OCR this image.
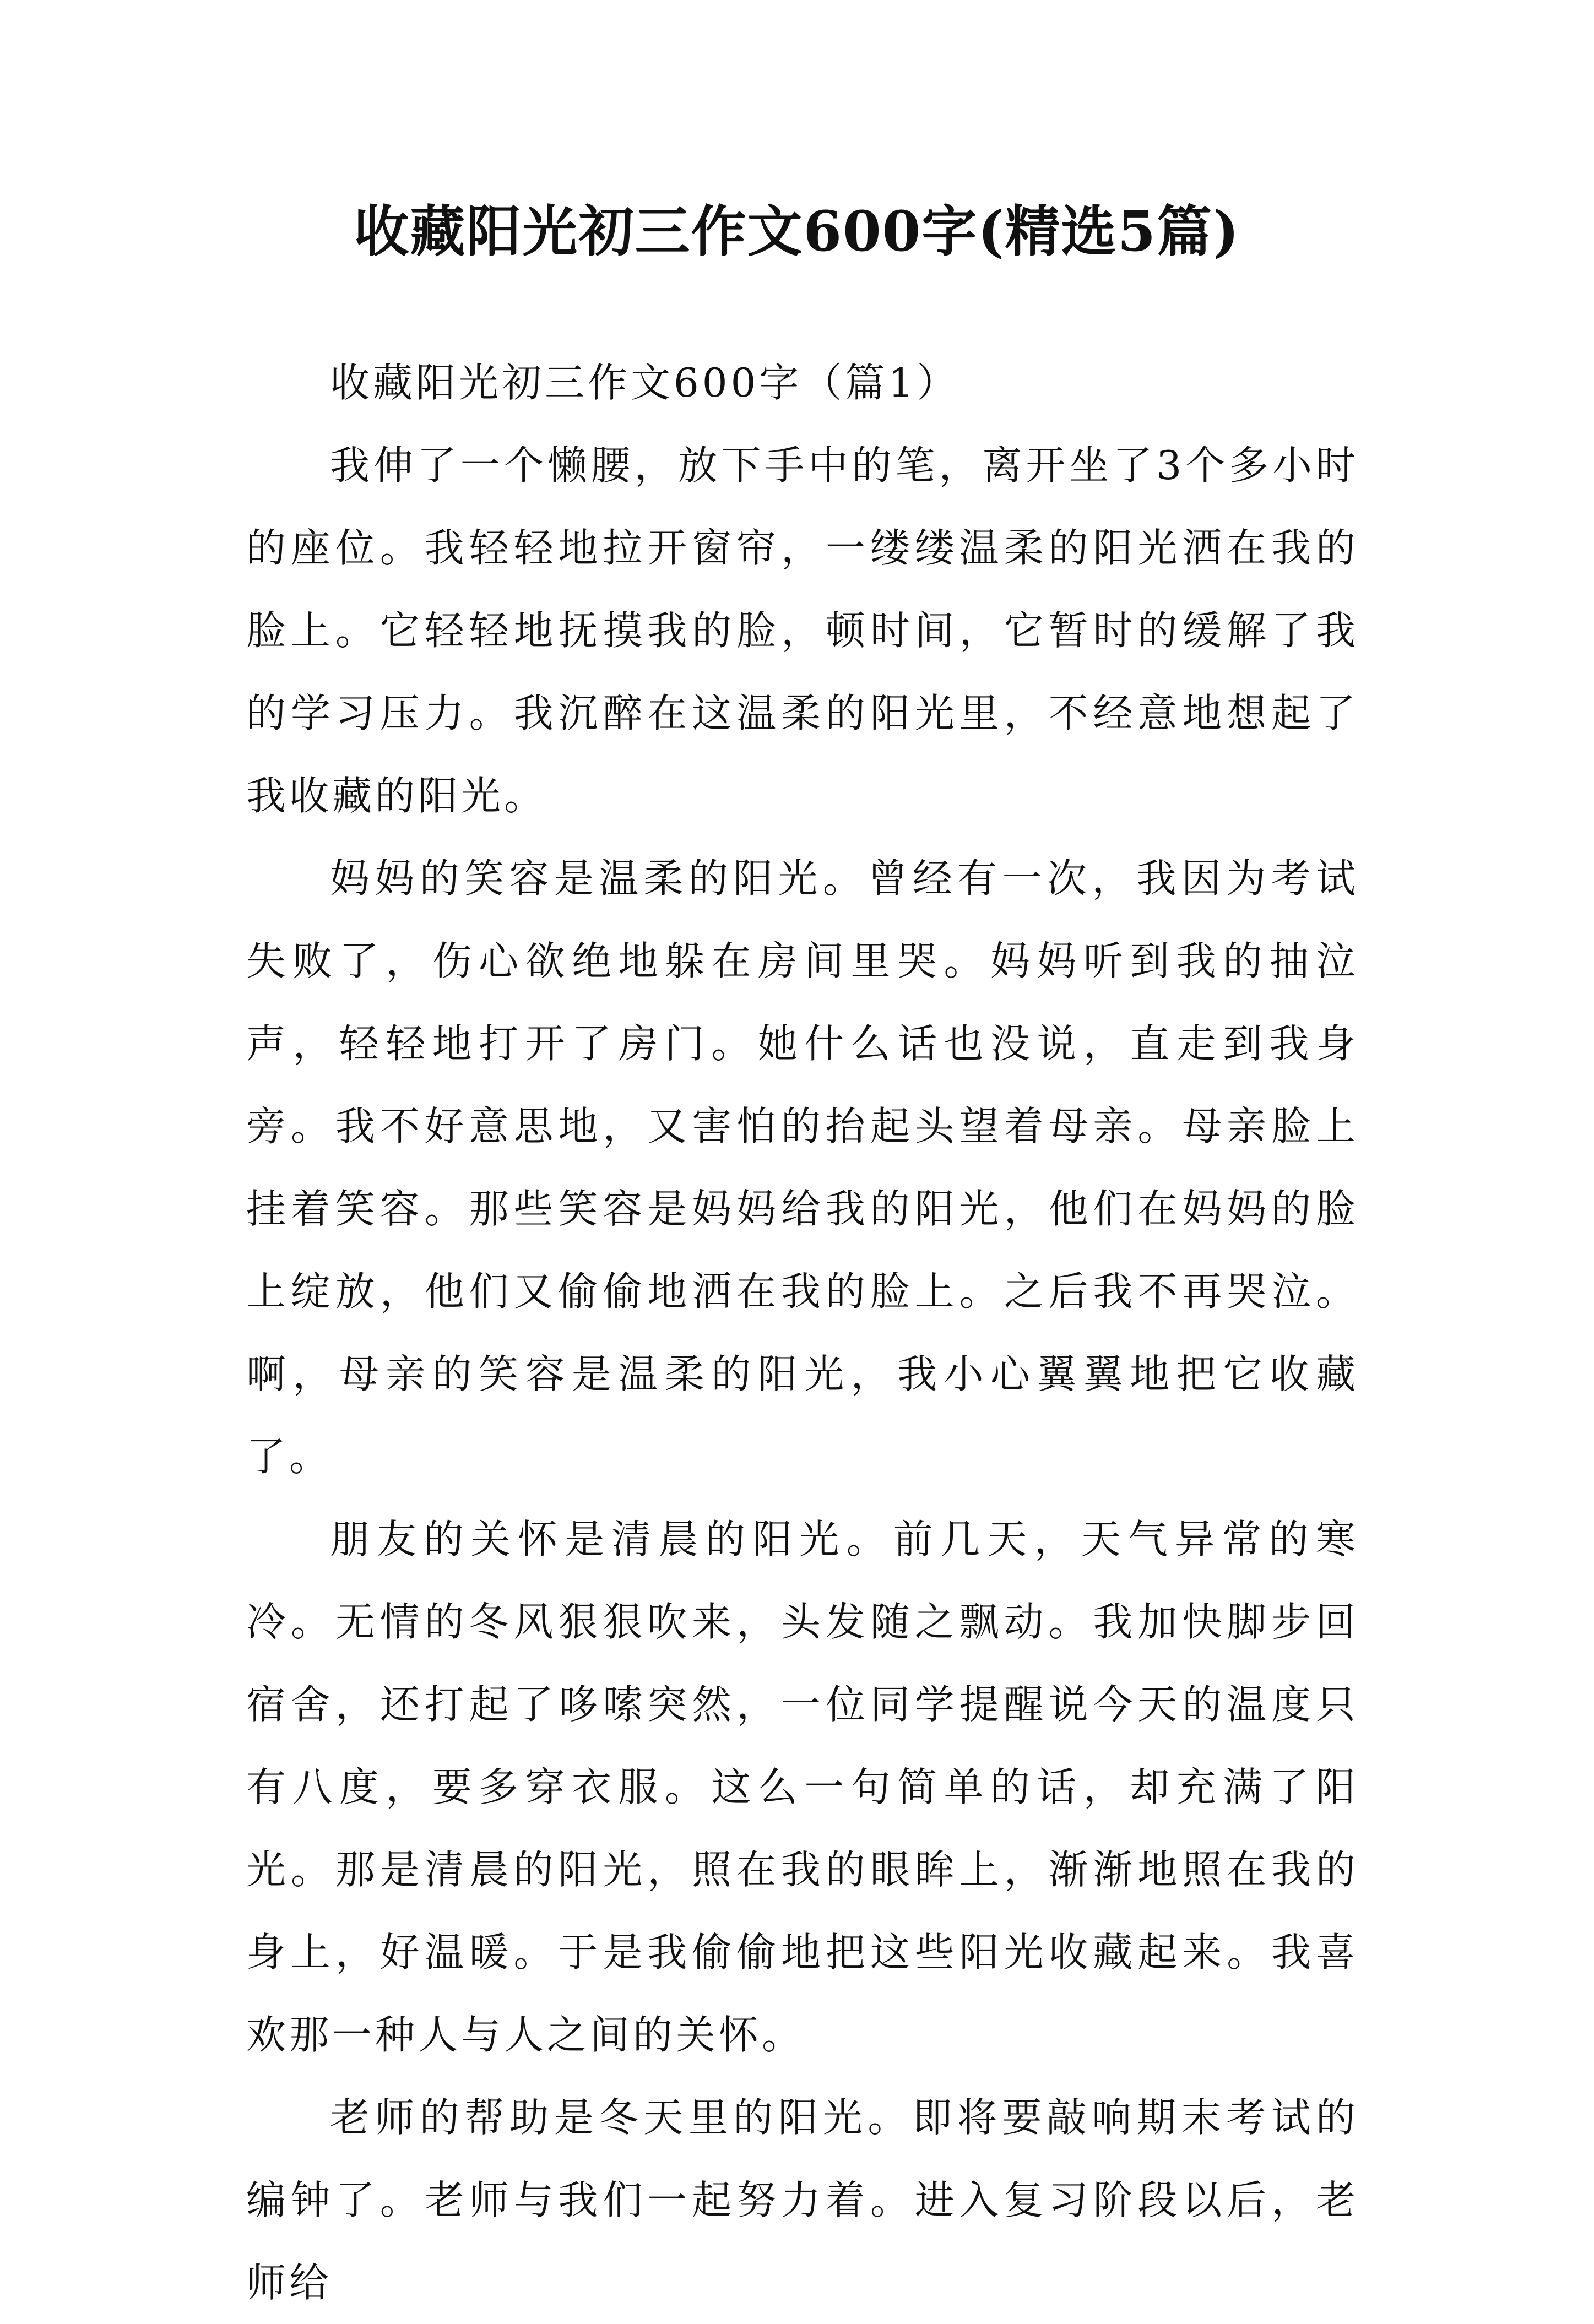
收藏阳光初三作文600字(精选5篇)
收藏阳光初三作文600字（篇1）

我伸了一个懒腰，放下手中的笔，离开坐了3个多小时的座位。我轻轻地拉开窗帘，一缕缕温柔的阳光洒在我的脸上。它轻轻地抚摸我的脸，顿时间，它暂时的缓解了我的学习压力。我沉醉在这温柔的阳光里，不经意地想起了我收藏的阳光。

妈妈的笑容是温柔的阳光。曾经有一次，我因为考试失败了，伤心欲绝地躲在房间里哭。妈妈听到我的抽泣声，轻轻地打开了房门。她什么话也没说，直走到我身旁。我不好意思地，又害怕的抬起头望着母亲。母亲脸上挂着笑容。那些笑容是妈妈给我的阳光，他们在妈妈的脸上绽放，他们又偷偷地洒在我的脸上。之后我不再哭泣。啊，母亲的笑容是温柔的阳光，我小心翼翼地把它收藏了。

朋友的关怀是清晨的阳光。前几天，天气异常的寒冷。无情的冬风狠狠吹来，头发随之飘动。我加快脚步回宿舍，还打起了哆嗦突然，一位同学提醒说今天的温度只有八度，要多穿衣服。这么一句简单的话，却充满了阳光。那是清晨的阳光，照在我的眼眸上，渐渐地照在我的身上，好温暖。于是我偷偷地把这些阳光收藏起来。我喜欢那一种人与人之间的关怀。

老师的帮助是冬天里的阳光。即将要敲响期末考试的编钟了。老师与我们一起努力着。进入复习阶段以后，老师给
